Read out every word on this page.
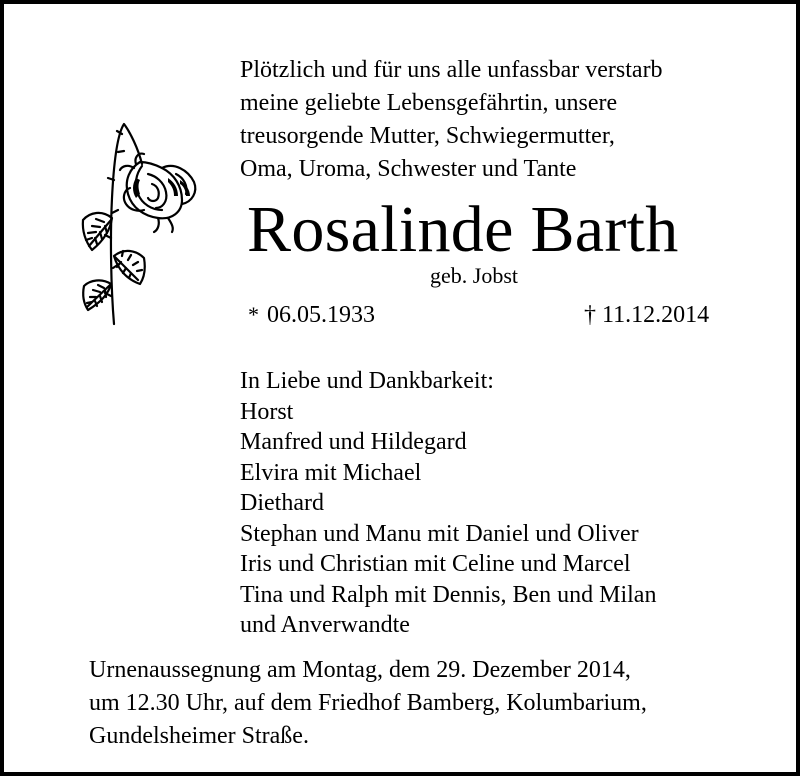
Plötzlich und für uns alle unfassbar verstarb
meine geliebte Lebensgefährtin, unsere
treusorgende Mutter, Schwiegermutter,
Oma, Uroma, Schwester und Tante
Rosalinde Barth
geb. Jobst
* 06.05.1933	† 11.12.2014
In Liebe und Dankbarkeit:
Horst
Manfred und Hildegard
Elvira mit Michael
Diethard
Stephan und Manu mit Daniel und Oliver
Iris und Christian mit Celine und Marcel
Tina und Ralph mit Dennis, Ben und Milan
und Anverwandte
Urnenaussegnung am Montag, dem 29. Dezember 2014,
um 12.30 Uhr, auf dem Friedhof Bamberg, Kolumbarium,
Gundelsheimer Straße.
